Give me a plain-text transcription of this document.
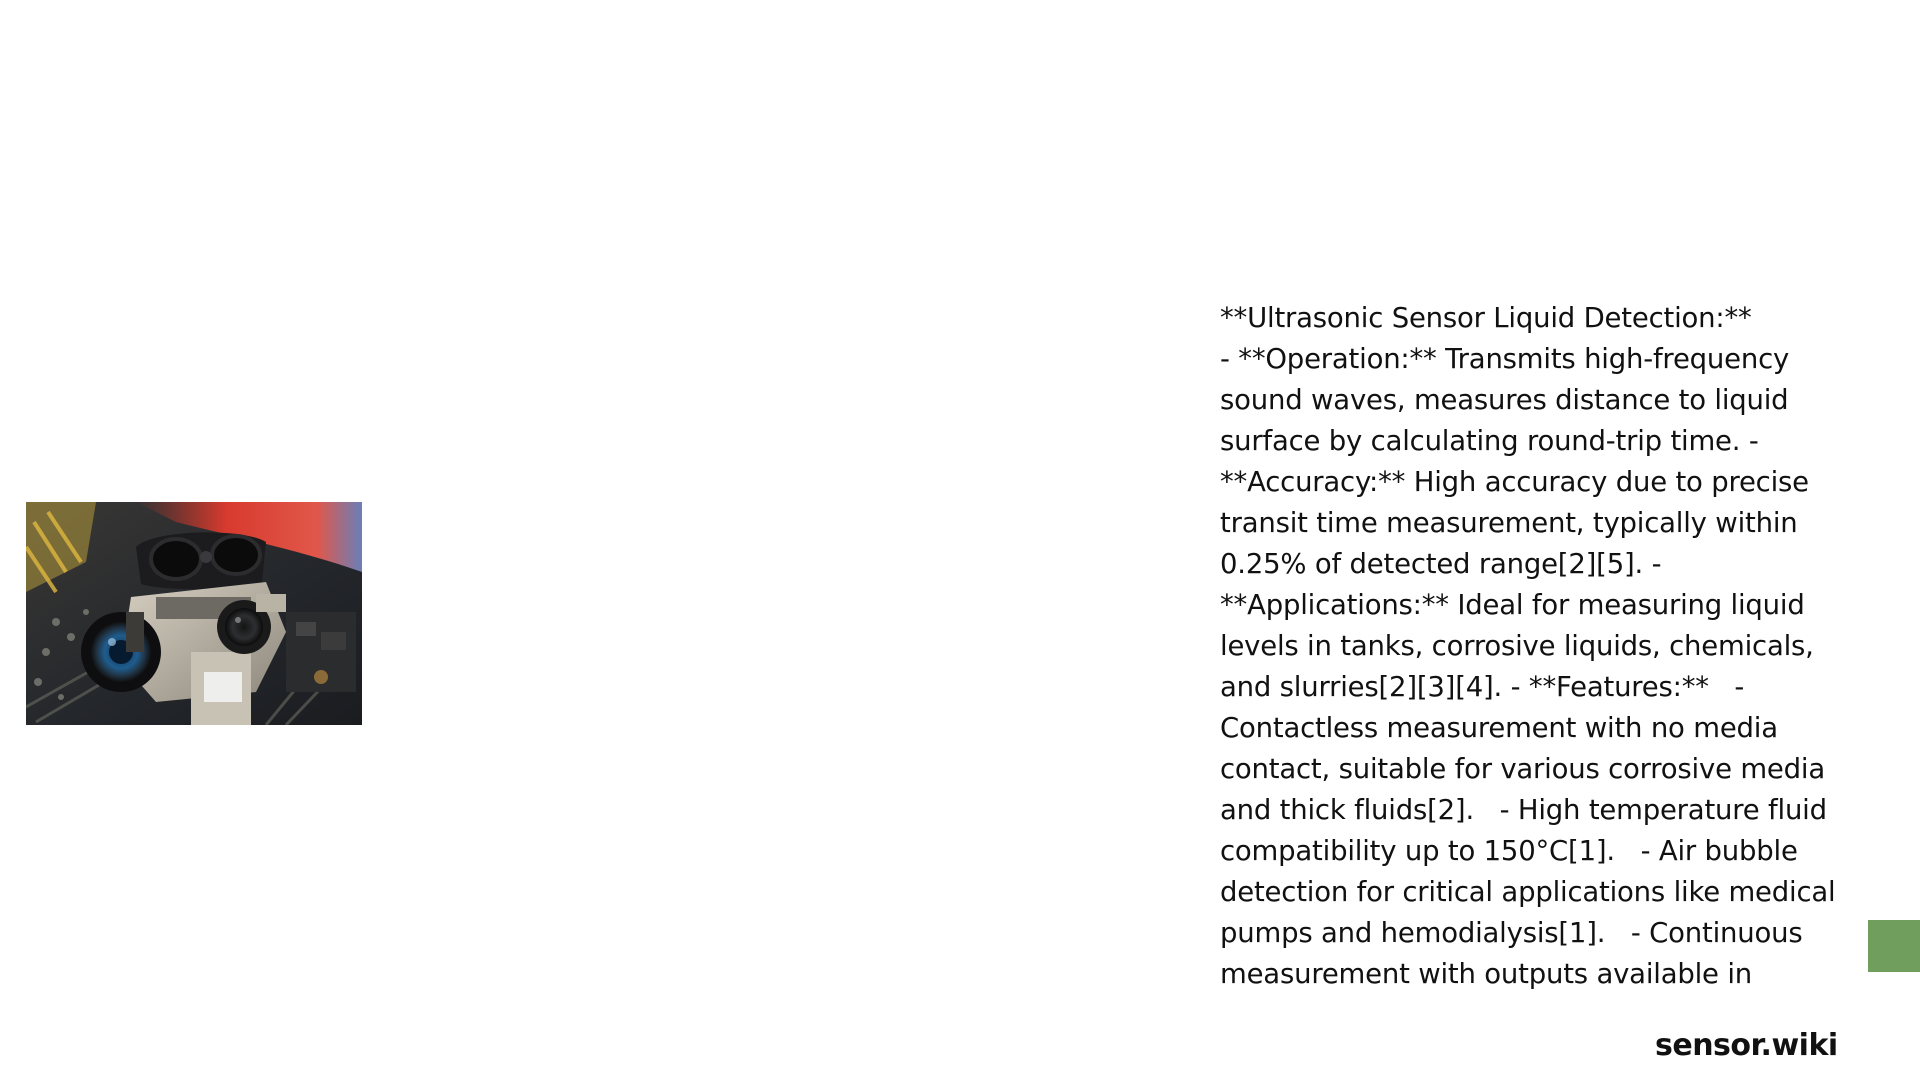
**Ultrasonic Sensor Liquid Detection:**
- **Operation:** Transmits high-frequency sound waves, measures distance to liquid surface by calculating round-trip time. - **Accuracy:** High accuracy due to precise transit time measurement, typically within 0.25% of detected range[2][5]. - **Applications:** Ideal for measuring liquid levels in tanks, corrosive liquids, chemicals, and slurries[2][3][4]. - **Features:**   - Contactless measurement with no media contact, suitable for various corrosive media and thick fluids[2].   - High temperature fluid compatibility up to 150°C[1].   - Air bubble detection for critical applications like medical pumps and hemodialysis[1].   - Continuous measurement with outputs available in
sensor.wiki
